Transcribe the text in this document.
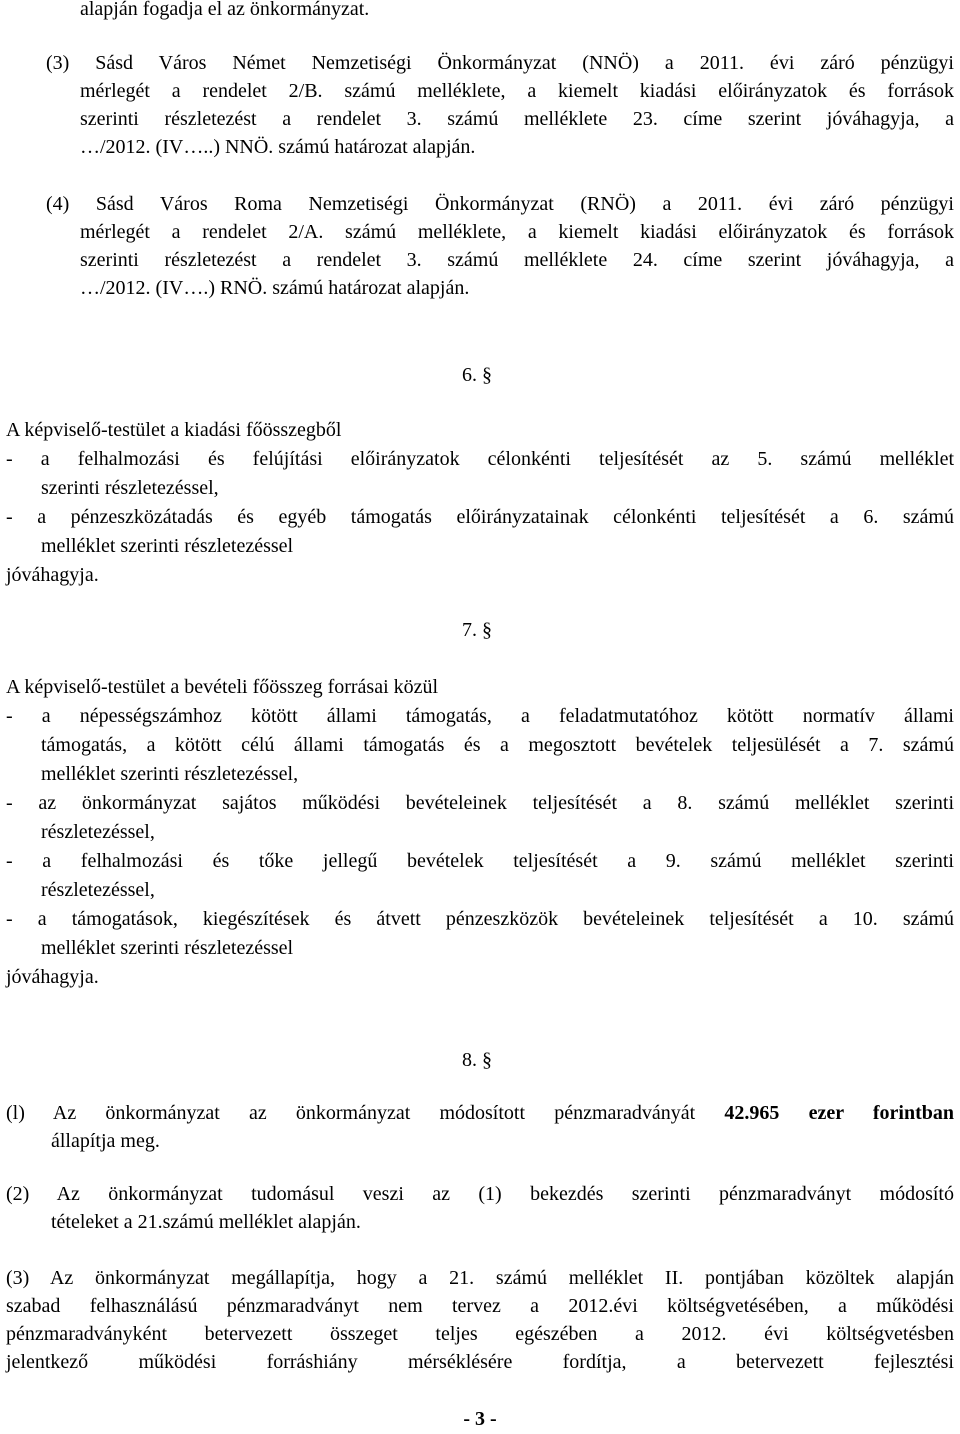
alapján fogadja el az önkormányzat.
(3) Sásd Város Német Nemzetiségi Önkormányzat (NNÖ) a 2011. évi záró pénzügyi
mérlegét a rendelet 2/B. számú melléklete, a kiemelt kiadási előirányzatok és források
szerinti részletezést a rendelet 3. számú melléklete 23. címe szerint jóváhagyja, a
…/2012. (IV…..) NNÖ. számú határozat alapján.
(4) Sásd Város Roma Nemzetiségi Önkormányzat (RNÖ) a 2011. évi záró pénzügyi
mérlegét a rendelet 2/A. számú melléklete, a kiemelt kiadási előirányzatok és források
szerinti részletezést a rendelet 3. számú melléklete 24. címe szerint jóváhagyja, a
…/2012. (IV….) RNÖ. számú határozat alapján.
6. §
A képviselő-testület a kiadási főösszegből
- a felhalmozási és felújítási előirányzatok célonkénti teljesítését az 5. számú melléklet
szerinti részletezéssel,
- a pénzeszközátadás és egyéb támogatás előirányzatainak célonkénti teljesítését a 6. számú
melléklet szerinti részletezéssel
jóváhagyja.
7. §
A képviselő-testület a bevételi főösszeg forrásai közül
- a népességszámhoz kötött állami támogatás, a feladatmutatóhoz kötött normatív állami
támogatás, a kötött célú állami támogatás és a megosztott bevételek teljesülését a 7. számú
melléklet szerinti részletezéssel,
- az önkormányzat sajátos működési bevételeinek teljesítését a 8. számú melléklet szerinti
részletezéssel,
- a felhalmozási és tőke jellegű bevételek teljesítését a 9. számú melléklet szerinti
részletezéssel,
- a támogatások, kiegészítések és átvett pénzeszközök bevételeinek teljesítését a 10. számú
melléklet szerinti részletezéssel
jóváhagyja.
8. §
(l) Az önkormányzat az önkormányzat módosított pénzmaradványát 42.965 ezer forintban
állapítja meg.
(2) Az önkormányzat tudomásul veszi az (1) bekezdés szerinti pénzmaradványt módosító
tételeket a 21.számú melléklet alapján.
(3) Az önkormányzat megállapítja, hogy a 21. számú melléklet II. pontjában közöltek alapján
szabad felhasználású pénzmaradványt nem tervez a 2012.évi költségvetésében, a működési
pénzmaradványként betervezett összeget teljes egészében a 2012. évi költségvetésben
jelentkező működési forráshiány mérséklésére fordítja, a betervezett fejlesztési
- 3 -
